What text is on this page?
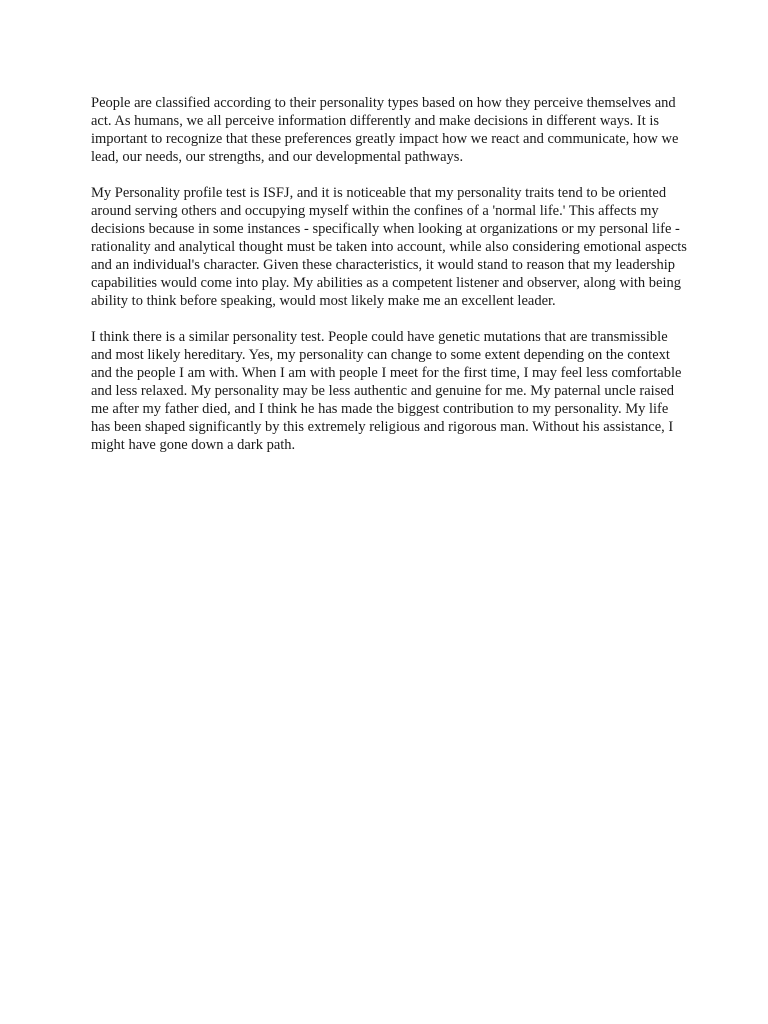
People are classified according to their personality types based on how they perceive themselves and act. As humans, we all perceive information differently and make decisions in different ways. It is important to recognize that these preferences greatly impact how we react and communicate, how we lead, our needs, our strengths, and our developmental pathways.

My Personality profile test is ISFJ, and it is noticeable that my personality traits tend to be oriented around serving others and occupying myself within the confines of a 'normal life.' This affects my decisions because in some instances - specifically when looking at organizations or my personal life - rationality and analytical thought must be taken into account, while also considering emotional aspects and an individual's character. Given these characteristics, it would stand to reason that my leadership capabilities would come into play. My abilities as a competent listener and observer, along with being ability to think before speaking, would most likely make me an excellent leader.

I think there is a similar personality test. People could have genetic mutations that are transmissible and most likely hereditary. Yes, my personality can change to some extent depending on the context and the people I am with. When I am with people I meet for the first time, I may feel less comfortable and less relaxed. My personality may be less authentic and genuine for me. My paternal uncle raised me after my father died, and I think he has made the biggest contribution to my personality. My life has been shaped significantly by this extremely religious and rigorous man. Without his assistance, I might have gone down a dark path.
